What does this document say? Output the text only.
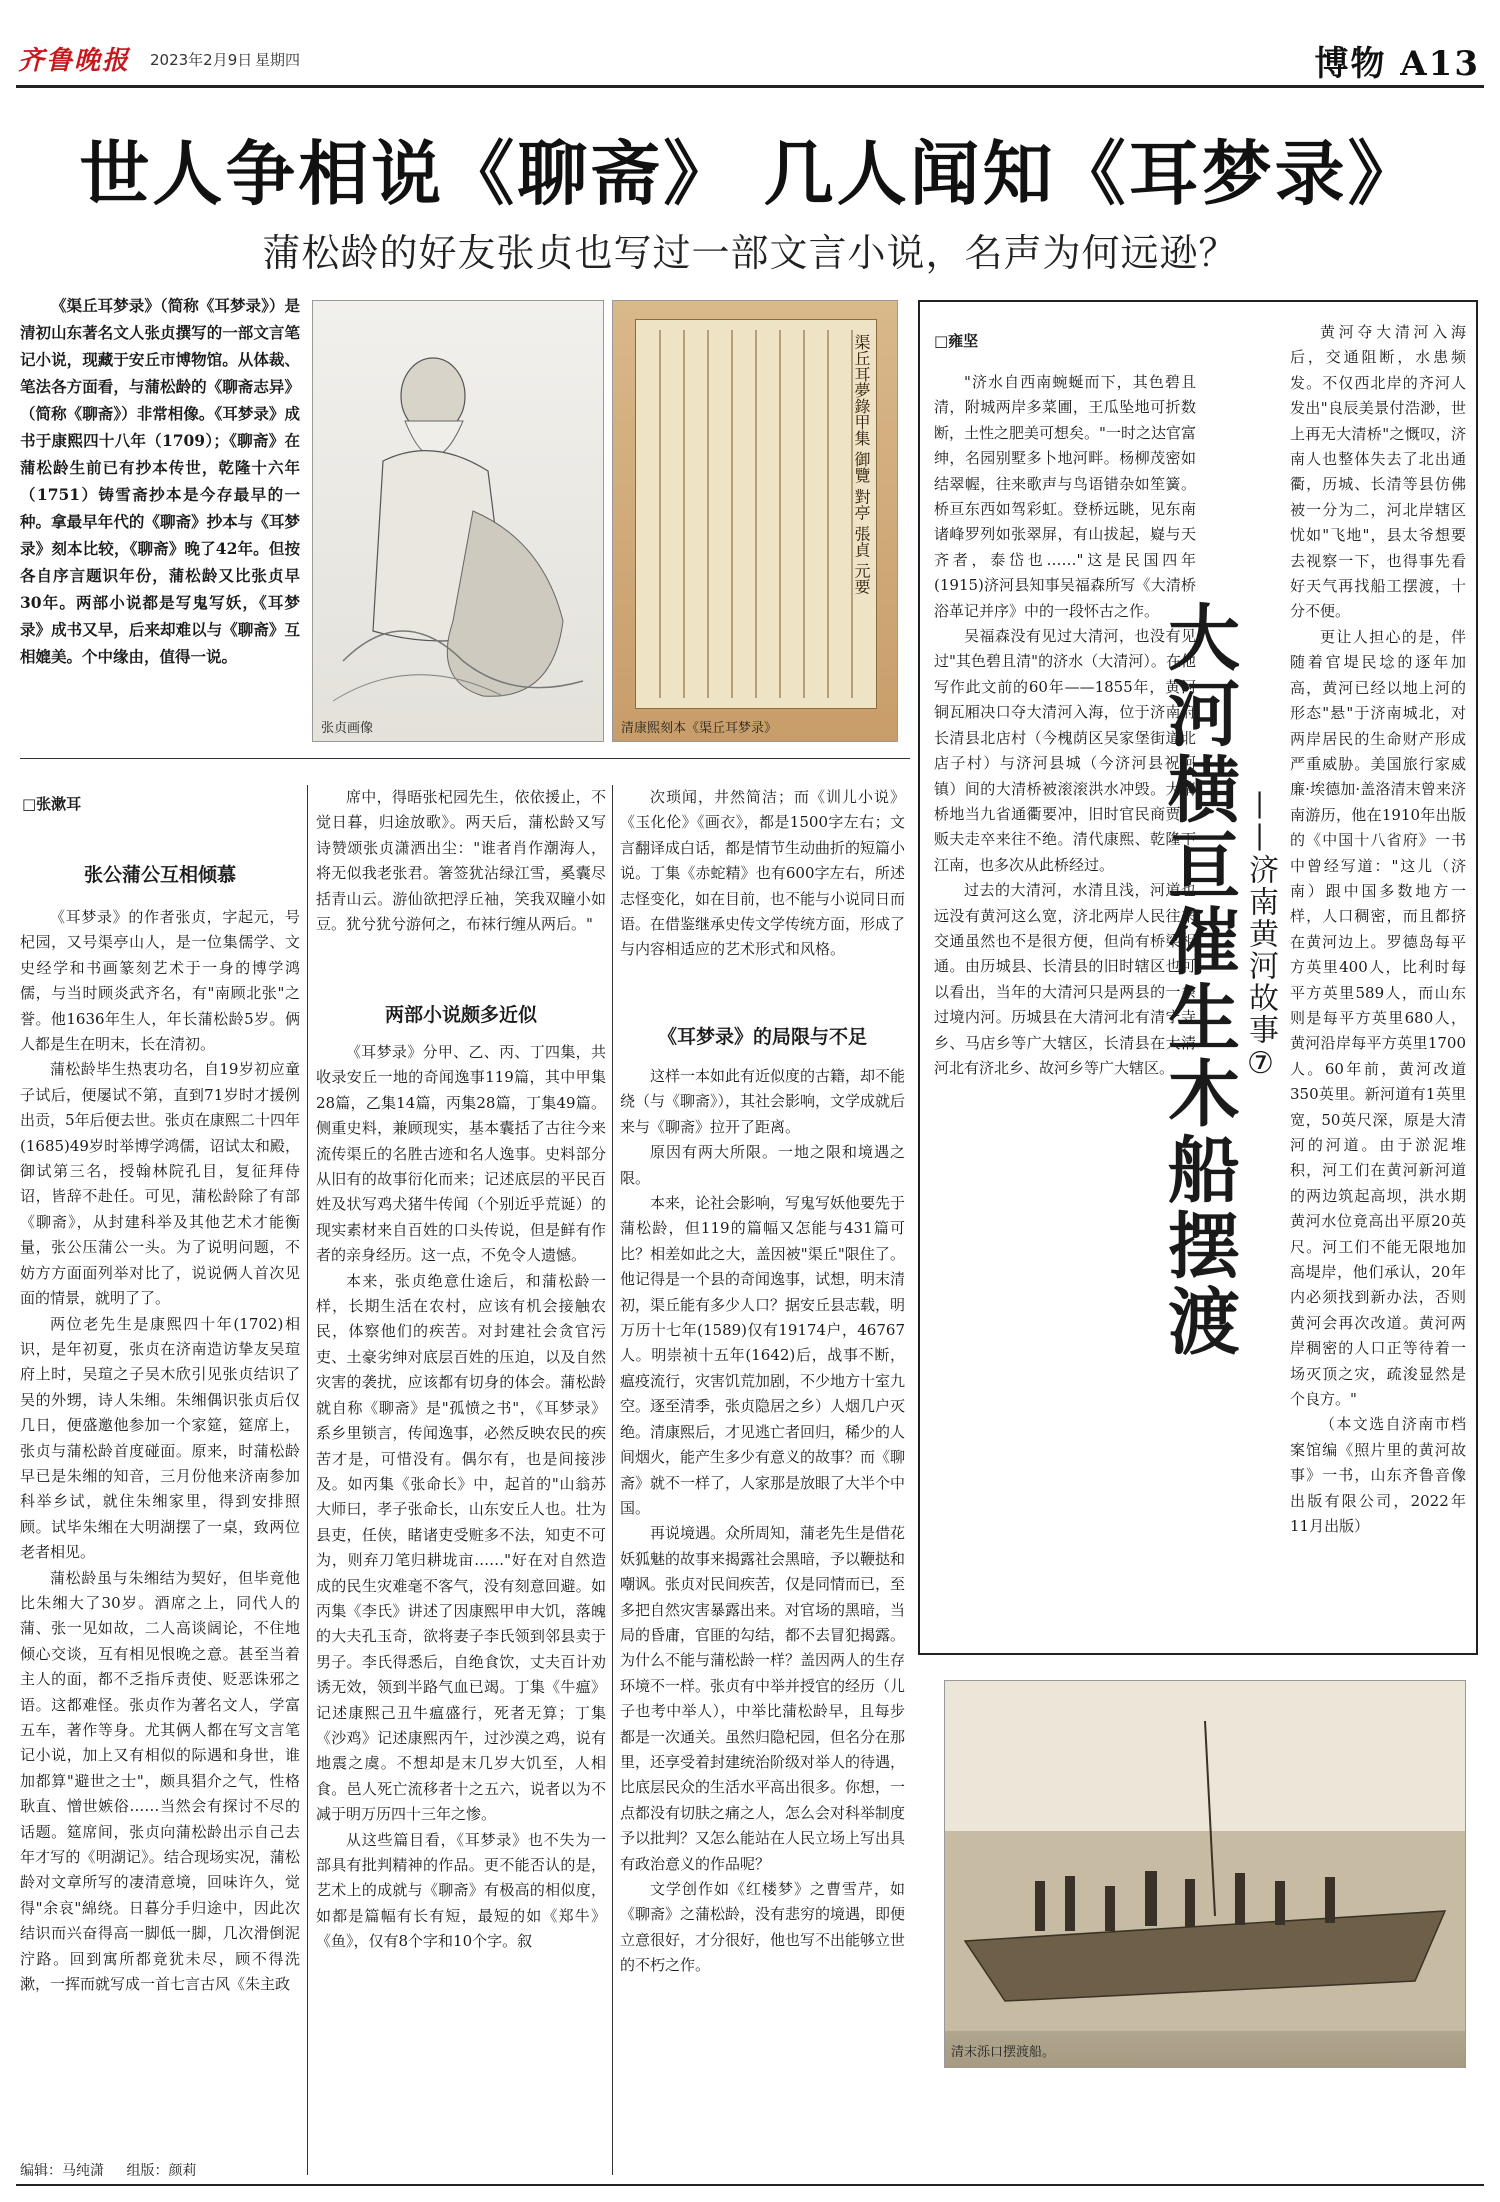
齐鲁晚报 2023年2月9日 星期四	博物 A13
世人争相说《聊斋》 几人闻知《耳梦录》
蒲松龄的好友张贞也写过一部文言小说，名声为何远逊？
《渠丘耳梦录》（简称《耳梦录》）是清初山东著名文人张贞撰写的一部文言笔记小说，现藏于安丘市博物馆。从体裁、笔法各方面看，与蒲松龄的《聊斋志异》（简称《聊斋》）非常相像。《耳梦录》成书于康熙四十八年（1709）；《聊斋》在蒲松龄生前已有抄本传世，乾隆十六年（1751）铸雪斋抄本是今存最早的一种。拿最早年代的《聊斋》抄本与《耳梦录》刻本比较，《聊斋》晚了42年。但按各自序言题识年份，蒲松龄又比张贞早30年。两部小说都是写鬼写妖，《耳梦录》成书又早，后来却难以与《聊斋》互相媲美。个中缘由，值得一说。
张贞画像
渠丘耳夢錄甲集 御覽 對亭 張貞 元要
清康熙刻本《渠丘耳梦录》
□张漱耳
张公蒲公互相倾慕

《耳梦录》的作者张贞，字起元，号杞园，又号渠亭山人，是一位集儒学、文史经学和书画篆刻艺术于一身的博学鸿儒，与当时顾炎武齐名，有"南顾北张"之誉。他1636年生人，年长蒲松龄5岁。俩人都是生在明末，长在清初。

蒲松龄毕生热衷功名，自19岁初应童子试后，便屡试不第，直到71岁时才援例出贡，5年后便去世。张贞在康熙二十四年(1685)49岁时举博学鸿儒，诏试太和殿，御试第三名，授翰林院孔目，复征拜侍诏，皆辞不赴任。可见，蒲松龄除了有部《聊斋》，从封建科举及其他艺术才能衡量，张公压蒲公一头。为了说明问题，不妨方方面面列举对比了，说说俩人首次见面的情景，就明了了。

两位老先生是康熙四十年(1702)相识，是年初夏，张贞在济南造访挚友吴瑄府上时，吴瑄之子吴木欣引见张贞结识了吴的外甥，诗人朱缃。朱缃偶识张贞后仅几日，便盛邀他参加一个家筵，筵席上，张贞与蒲松龄首度碰面。原来，时蒲松龄早已是朱缃的知音，三月份他来济南参加科举乡试，就住朱缃家里，得到安排照顾。试毕朱缃在大明湖摆了一桌，致两位老者相见。

蒲松龄虽与朱缃结为契好，但毕竟他比朱缃大了30岁。酒席之上，同代人的蒲、张一见如故，二人高谈阔论，不住地倾心交谈，互有相见恨晚之意。甚至当着主人的面，都不乏指斥责使、贬恶诛邪之语。这都难怪。张贞作为著名文人，学富五车，著作等身。尤其俩人都在写文言笔记小说，加上又有相似的际遇和身世，谁加都算"避世之士"，颇具猖介之气，性格耿直、憎世嫉俗……当然会有探讨不尽的话题。筵席间，张贞向蒲松龄出示自己去年才写的《明湖记》。结合现场实况，蒲松龄对文章所写的凄清意境，回味许久，觉得"余哀"綿绕。日暮分手归途中，因此次结识而兴奋得高一脚低一脚，几次滑倒泥泞路。回到寓所都竟犹未尽，顾不得洗漱，一挥而就写成一首七言古风《朱主政

席中，得晤张杞园先生，依依援止，不觉日暮，归途放歌》。两天后，蒲松龄又写诗赞颂张贞潇洒出尘："谁者肖作潮海人，将无似我老张君。箸签犹沾绿江雪，奚囊尽括青山云。游仙欲把浮丘袖，笑我双瞳小如豆。犹兮犹兮游何之，布袜行缠从两后。"

两部小说颇多近似

《耳梦录》分甲、乙、丙、丁四集，共收录安丘一地的奇闻逸事119篇，其中甲集28篇，乙集14篇，丙集28篇，丁集49篇。侧重史料，兼顾现实，基本囊括了古往今来流传渠丘的名胜古迹和名人逸事。史料部分从旧有的故事衍化而来；记述底层的平民百姓及状写鸡犬猪牛传闻（个别近乎荒诞）的现实素材来自百姓的口头传说，但是鲜有作者的亲身经历。这一点，不免令人遗憾。

本来，张贞绝意仕途后，和蒲松龄一样，长期生活在农村，应该有机会接触农民，体察他们的疾苦。对封建社会贪官污吏、土豪劣绅对底层百姓的压迫，以及自然灾害的袭扰，应该都有切身的体会。蒲松龄就自称《聊斋》是"孤愤之书"，《耳梦录》系乡里锁言，传闻逸事，必然反映农民的疾苦才是，可惜没有。偶尔有，也是间接涉及。如丙集《张命长》中，起首的"山翁苏大师曰，孝子张命长，山东安丘人也。壮为县吏，任侠，睹诸吏受赃多不法，知吏不可为，则弃刀笔归耕垅亩……"好在对自然造成的民生灾难毫不客气，没有刻意回避。如丙集《李氏》讲述了因康熙甲申大饥，落魄的大夫孔玉奇，欲将妻子李氏领到邻县卖于男子。李氏得悉后，自绝食饮，丈夫百计劝诱无效，领到半路气血已竭。丁集《牛瘟》记述康熙己丑牛瘟盛行，死者无算；丁集《沙鸡》记述康熙丙午，过沙漠之鸡，说有地震之虞。不想却是末几岁大饥至，人相食。邑人死亡流移者十之五六，说者以为不减于明万历四十三年之惨。

从这些篇目看，《耳梦录》也不失为一部具有批判精神的作品。更不能否认的是，艺术上的成就与《聊斋》有极高的相似度，如都是篇幅有长有短，最短的如《郑牛》《鱼》，仅有8个字和10个字。叙

次琐闻，井然简洁；而《训儿小说》《玉化伦》《画衣》，都是1500字左右；文言翻译成白话，都是情节生动曲折的短篇小说。丁集《赤蛇精》也有600字左右，所述志怪变化，如在目前，也不能与小说同日而语。在借鉴继承史传文学传统方面，形成了与内容相适应的艺术形式和风格。

《耳梦录》的局限与不足

这样一本如此有近似度的古籍，却不能绕（与《聊斋》），其社会影响，文学成就后来与《聊斋》拉开了距离。

原因有两大所限。一地之限和境遇之限。

本来，论社会影响，写鬼写妖他要先于蒲松龄，但119的篇幅又怎能与431篇可比？相差如此之大，盖因被"渠丘"限住了。他记得是一个县的奇闻逸事，试想，明末清初，渠丘能有多少人口？据安丘县志载，明万历十七年(1589)仅有19174户，46767人。明崇祯十五年(1642)后，战事不断，瘟疫流行，灾害饥荒加剧，不少地方十室九空。逐至清季，张贞隐居之乡）人烟几户灭绝。清康熙后，才见逃亡者回归，稀少的人间烟火，能产生多少有意义的故事？而《聊斋》就不一样了，人家那是放眼了大半个中国。

再说境遇。众所周知，蒲老先生是借花妖狐魅的故事来揭露社会黑暗，予以鞭挞和嘲讽。张贞对民间疾苦，仅是同情而已，至多把自然灾害暴露出来。对官场的黑暗，当局的昏庸，官匪的勾结，都不去冒犯揭露。为什么不能与蒲松龄一样？盖因两人的生存环境不一样。张贞有中举并授官的经历（儿子也考中举人），中举比蒲松龄早，且每步都是一次通关。虽然归隐杞园，但名分在那里，还享受着封建统治阶级对举人的待遇，比底层民众的生活水平高出很多。你想，一点都没有切肤之痛之人，怎么会对科举制度予以批判？又怎么能站在人民立场上写出具有政治意义的作品呢？

文学创作如《红楼梦》之曹雪芹，如《聊斋》之蒲松龄，没有悲穷的境遇，即便立意很好，才分很好，他也写不出能够立世的不朽之作。

□雍坚

"济水自西南蜿蜒而下，其色碧且清，附城两岸多菜圃，王瓜坠地可折数断，土性之肥美可想矣。"一时之达官富绅，名园别墅多卜地河畔。杨柳茂密如结翠幄，往来歌声与鸟语错杂如笙簧。桥亘东西如驾彩虹。登桥远眺，见东南诸峰罗列如张翠屏，有山拔起，嶷与天齐者，泰岱也……"这是民国四年(1915)济河县知事吴福森所写《大清桥浴革记并序》中的一段怀古之作。

吴福森没有见过大清河，也没有见过"其色碧且清"的济水（大清河）。在他写作此文前的60年——1855年，黄河铜瓦厢决口夺大清河入海，位于济南府长清县北店村（今槐荫区吴家堡街道北店子村）与济河县城（今济河县祝阿镇）间的大清桥被滚滚洪水冲毁。大清桥地当九省通衢要冲，旧时官民商贾，贩夫走卒来往不绝。清代康熙、乾隆下江南，也多次从此桥经过。

过去的大清河，水清且浅，河道也远没有黄河这么宽，济北两岸人民往来交通虽然也不是很方便，但尚有桥梁相通。由历城县、长清县的旧时辖区也可以看出，当年的大清河只是两县的一条过境内河。历城县在大清河北有清宁寺乡、马店乡等广大辖区，长清县在大清河北有济北乡、故河乡等广大辖区。

大河横亘催生木船摆渡 ——济南黄河故事⑦

黄河夺大清河入海后，交通阻断，水患频发。不仅西北岸的齐河人发出"良辰美景付浩渺，世上再无大清桥"之慨叹，济南人也整体失去了北出通衢，历城、长清等县仿佛被一分为二，河北岸辖区忧如"飞地"，县太爷想要去视察一下，也得事先看好天气再找船工摆渡，十分不便。

更让人担心的是，伴随着官堤民埝的逐年加高，黄河已经以地上河的形态"悬"于济南城北，对两岸居民的生命财产形成严重威胁。美国旅行家威廉·埃德加·盖洛清末曾来济南游历，他在1910年出版的《中国十八省府》一书中曾经写道："这儿（济南）跟中国多数地方一样，人口稠密，而且都挤在黄河边上。罗德岛每平方英里400人，比利时每平方英里589人，而山东则是每平方英里680人，黄河沿岸每平方英里1700人。60年前，黄河改道350英里。新河道有1英里宽，50英尺深，原是大清河的河道。由于淤泥堆积，河工们在黄河新河道的两边筑起高坝，洪水期黄河水位竟高出平原20英尺。河工们不能无限地加高堤岸，他们承认，20年内必须找到新办法，否则黄河会再次改道。黄河两岸稠密的人口正等待着一场灭顶之灾，疏浚显然是个良方。"

（本文选自济南市档案馆编《照片里的黄河故事》一书，山东齐鲁音像出版有限公司，2022年11月出版）

清末泺口摆渡船。
编辑：马纯潇 组版：颜莉
